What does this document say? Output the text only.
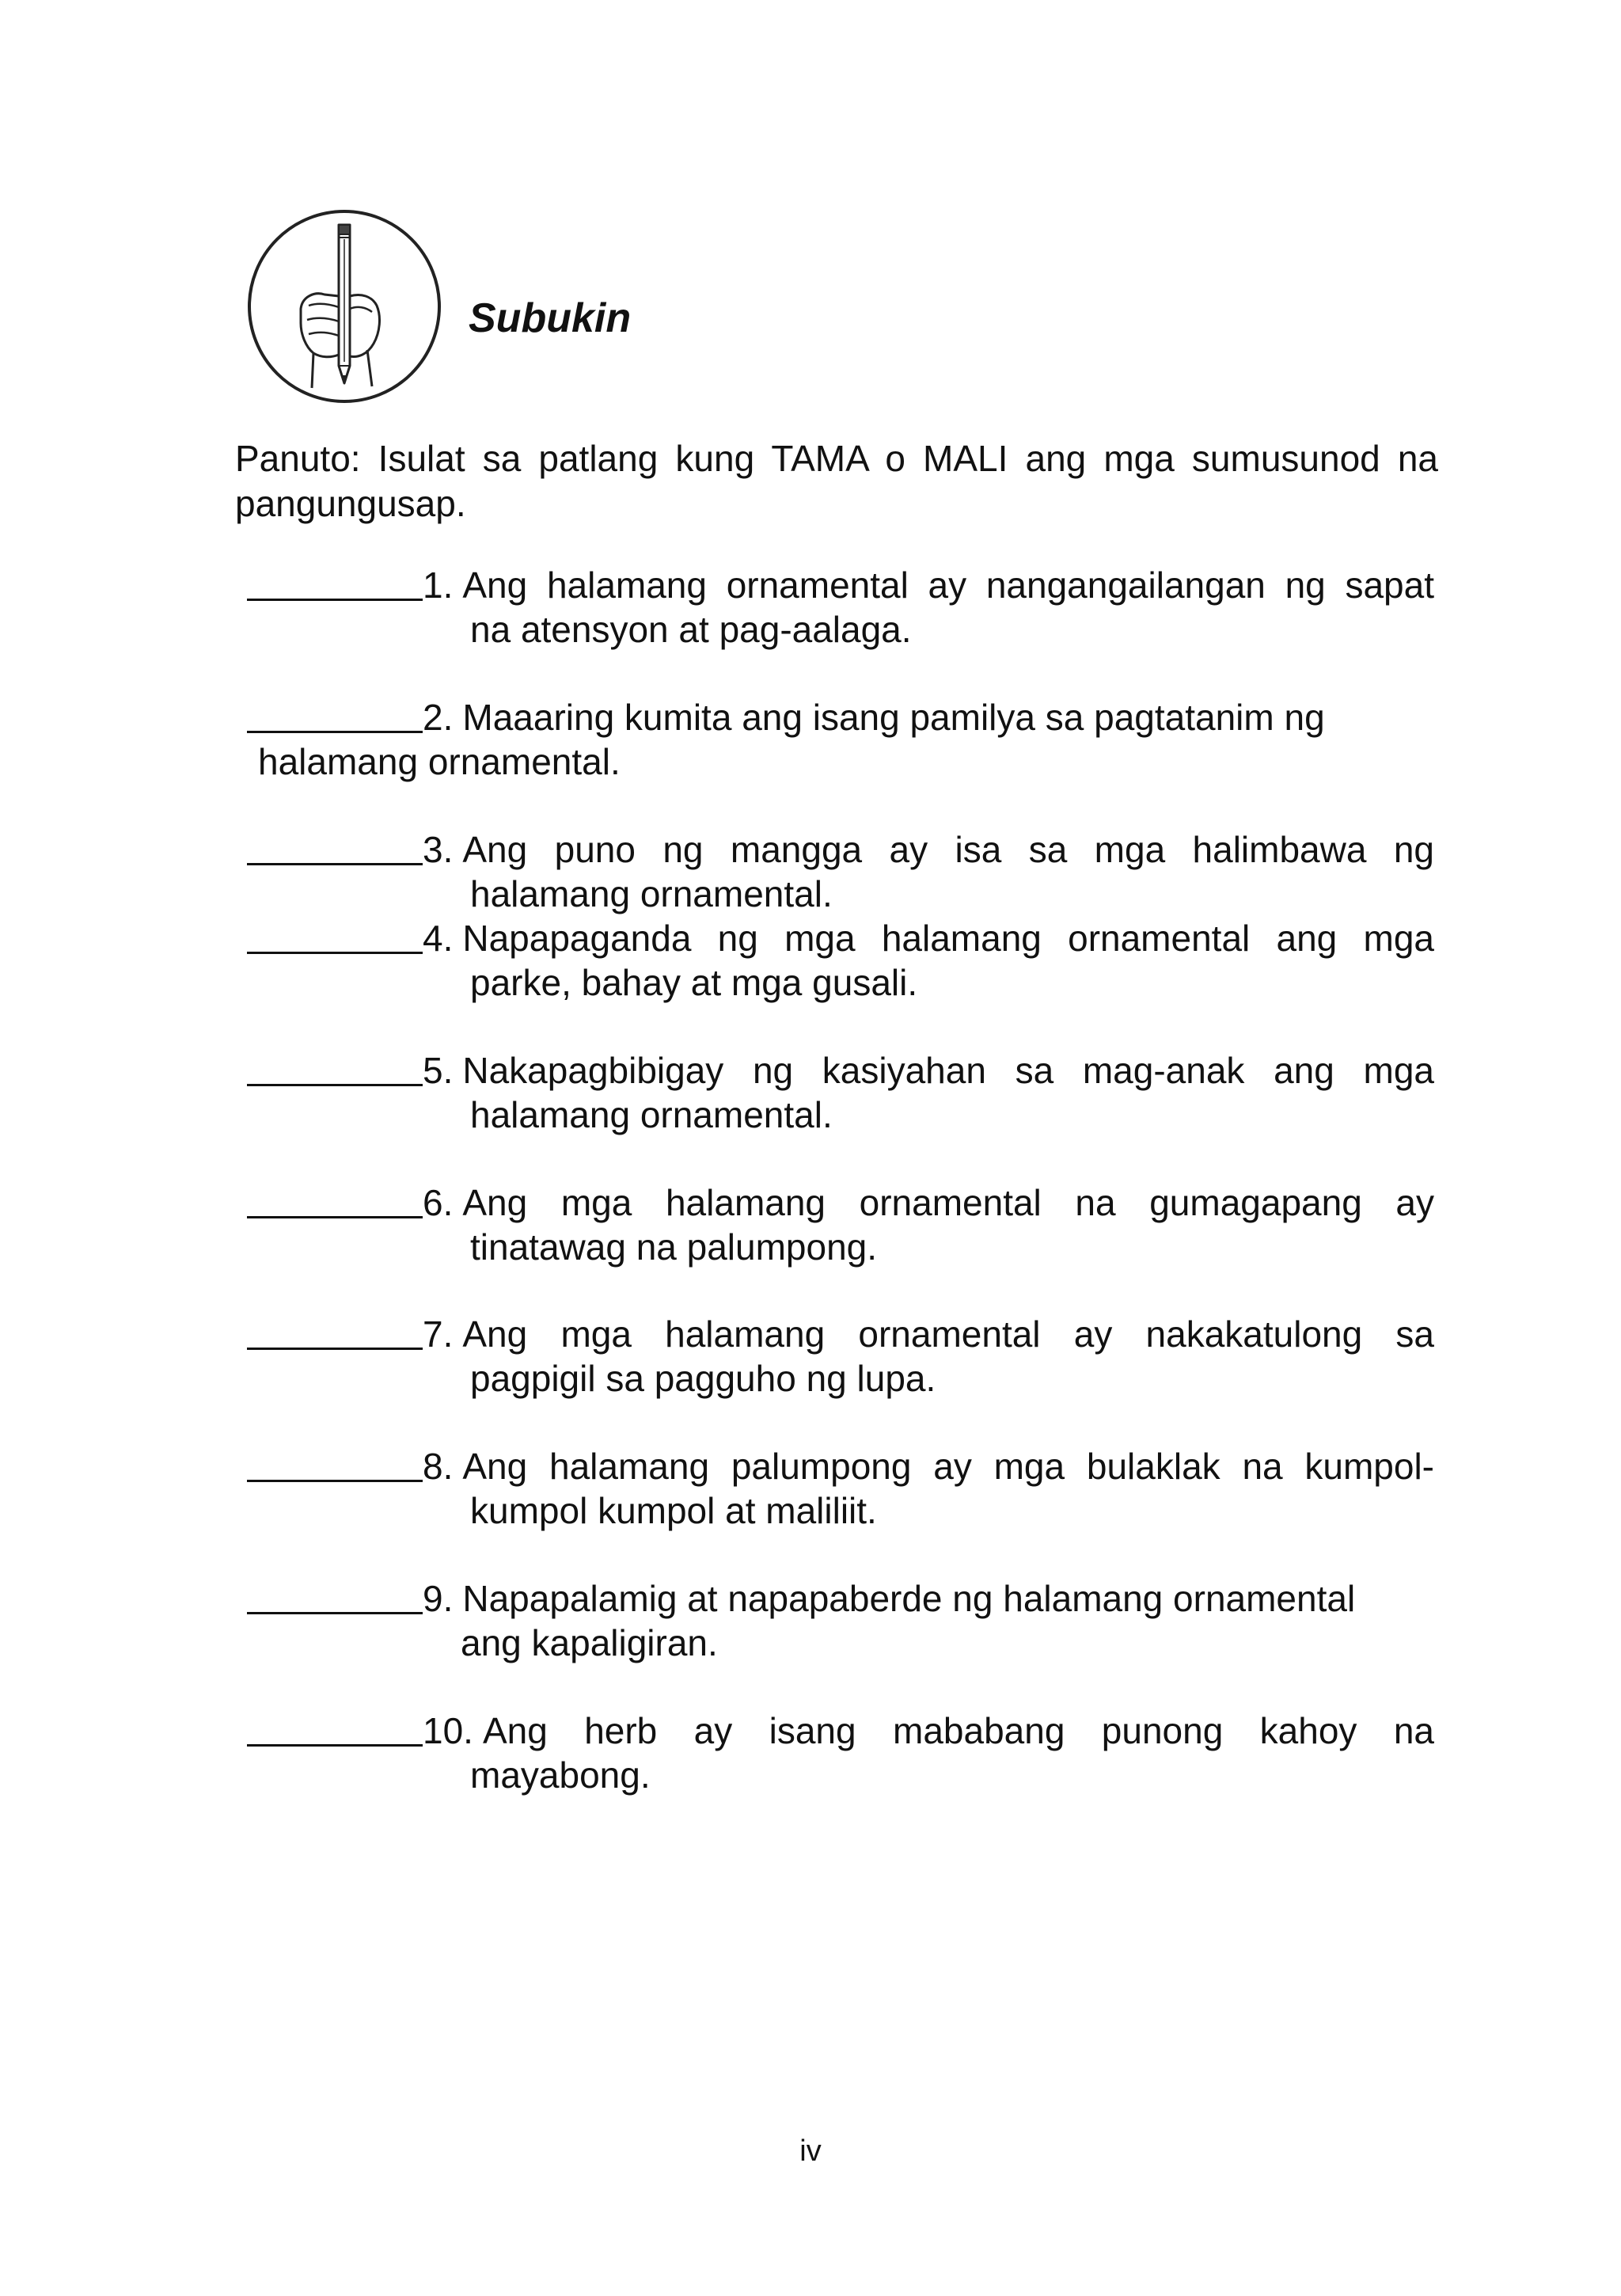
Subukin
Panuto: Isulat sa patlang kung TAMA o MALI ang mga sumusunod na pangungusap.
1. Ang halamang ornamental ay nangangailangan ng sapat
na atensyon at pag-aalaga.
2. Maaaring kumita ang isang pamilya sa pagtatanim ng
halamang ornamental.
3. Ang puno ng mangga ay isa sa mga halimbawa ng
halamang ornamental.
4. Napapaganda ng mga halamang ornamental ang mga
parke, bahay at mga gusali.
5. Nakapagbibigay ng kasiyahan sa mag-anak ang mga
halamang ornamental.
6. Ang mga halamang ornamental na gumagapang ay
tinatawag na palumpong.
7. Ang mga halamang ornamental ay nakakatulong sa
pagpigil sa pagguho ng lupa.
8. Ang halamang palumpong ay mga bulaklak na kumpol-
kumpol kumpol at maliliit.
9. Napapalamig at napapaberde ng halamang ornamental
ang kapaligiran.
10. Ang herb ay isang mababang punong kahoy na
mayabong.
iv
